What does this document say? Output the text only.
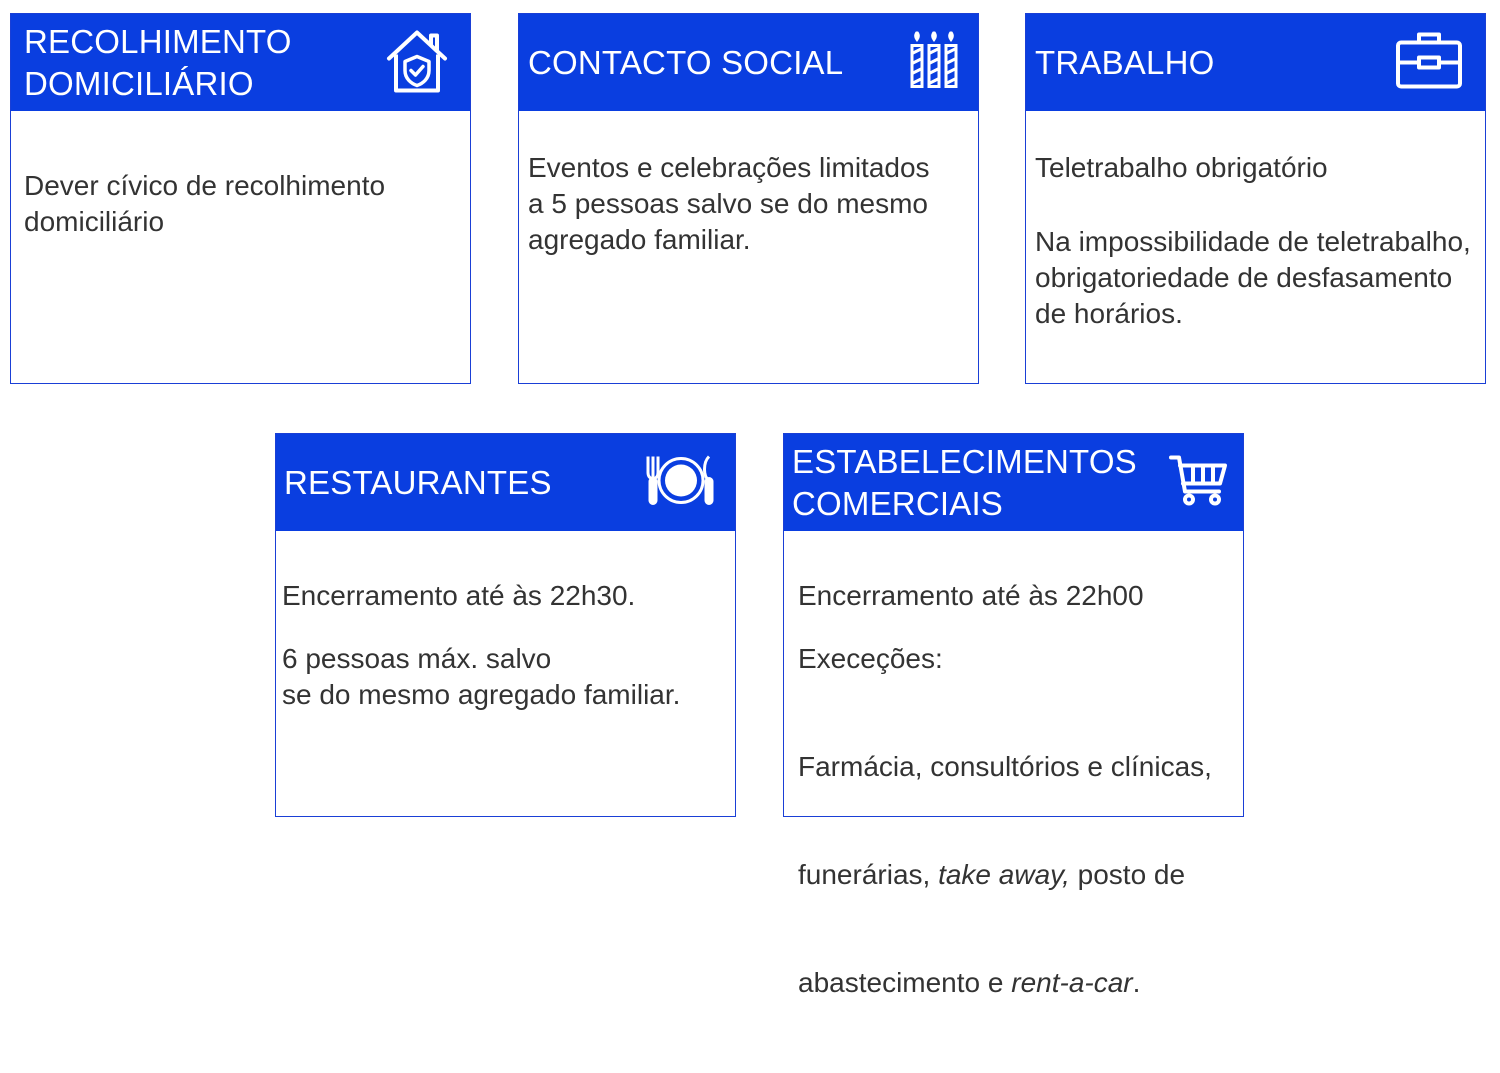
RECOLHIMENTO
DOMICILIÁRIO

Dever cívico de recolhimento
domiciliário

CONTACTO SOCIAL

Eventos e celebrações limitados
a 5 pessoas salvo se do mesmo
agregado familiar.

TRABALHO

Teletrabalho obrigatório

Na impossibilidade de teletrabalho,
obrigatoriedade de desfasamento
de horários.

RESTAURANTES

Encerramento até às 22h30.

6 pessoas máx. salvo
se do mesmo agregado familiar.

ESTABELECIMENTOS
COMERCIAIS

Encerramento até às 22h00

Execeções:

Farmácia, consultórios e clínicas,

funerárias, take away, posto de

abastecimento e rent-a-car.
